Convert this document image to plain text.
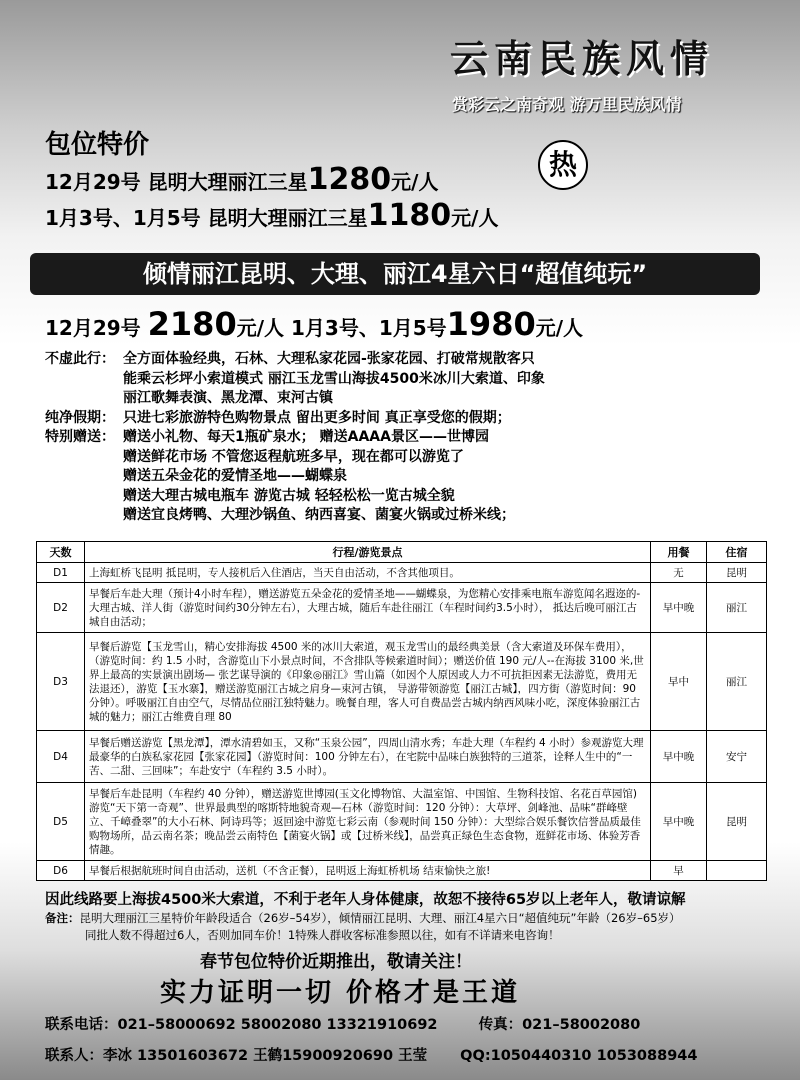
云南民族风情
赏彩云之南奇观 游万里民族风情
包位特价
12月29号 昆明大理丽江三星1280元/人
热
1月3号、1月5号 昆明大理丽江三星1180元/人
倾情丽江昆明、大理、丽江4星六日“超值纯玩”
12月29号 2180元/人 1月3号、1月5号1980元/人
不虚此行： 全方面体验经典，石林、大理私家花园-张家花园、打破常规散客只
能乘云杉坪小索道模式 丽江玉龙雪山海拔4500米冰川大索道、印象
丽江歌舞表演、黑龙潭、束河古镇
纯净假期： 只进七彩旅游特色购物景点 留出更多时间 真正享受您的假期；
特别赠送： 赠送小礼物、每天1瓶矿泉水； 赠送AAAA景区——世博园
赠送鲜花市场 不管您返程航班多早，现在都可以游览了
赠送五朵金花的爱情圣地——蝴蝶泉
赠送大理古城电瓶车 游览古城 轻轻松松一览古城全貌
赠送宜良烤鸭、大理沙锅鱼、纳西喜宴、菌宴火锅或过桥米线；
天数	行程/游览景点	用餐	住宿
D1	上海虹桥飞昆明 抵昆明，专人接机后入住酒店，当天自由活动，不含其他项目。	无	昆明
D2	早餐后车赴大理（预计4小时车程），赠送游览五朵金花的爱情圣地——蝴蝶泉，为您精心安排乘电瓶车游览闻名遐迩的-大理古城、洋人街（游览时间约30分钟左右），大理古城，随后车赴往丽江（车程时间约3.5小时）， 抵达后晚可丽江古城自由活动；	早中晚	丽江
D3	早餐后游览【玉龙雪山，精心安排海拔 4500 米的冰川大索道，观玉龙雪山的最经典美景（含大索道及环保车费用），（游览时间：约 1.5 小时，含游览山下小景点时间，不含排队等候索道时间）；赠送价值 190 元/人--在海拔 3100 米,世界上最高的实景演出剧场— 张艺谋导演的《印象◎丽江》雪山篇（如因个人原因或人力不可抗拒因素无法游览，费用无法退还），游览【玉水寨】，赠送游览丽江古城之肩身—束河古镇， 导游带领游览【丽江古城】，四方街（游览时间：90 分钟）。呼吸丽江自由空气，尽情品位丽江独特魅力。晚餐自理，客人可自费品尝古城内纳西风味小吃，深度体验丽江古城的魅力；丽江古维费自理 80	早中	丽江
D4	早餐后赠送游览【黑龙潭】，潭水清碧如玉，又称“玉泉公园”，四周山清水秀；车赴大理（车程约 4 小时）参观游览大理最豪华的白族私家花园【张家花园】（游览时间：100 分钟左右），在宅院中品味白族独特的三道茶，诠释人生中的“一苦、二甜、三回味”；车赴安宁（车程约 3.5 小时）。	早中晚	安宁
D5	早餐后车赴昆明（车程约 40 分钟），赠送游览世博园(玉文化博物馆、大温室馆、中国馆、生物科技馆、名花百草园馆)游览“天下第一奇观”、世界最典型的喀斯特地貌奇观—石林（游览时间：120 分钟）：大草坪、剑峰池、品味“群峰壁立、千嶂叠翠”的大小石林、阿诗玛等；返回途中游览七彩云南（参观时间 150 分钟）：大型综合娱乐餐饮信誉品质最佳购物场所，品云南名茶；晚品尝云南特色【菌宴火锅】或【过桥米线】，品尝真正绿色生态食物，逛鲜花市场、体验芳香情趣。	早中晚	昆明
D6	早餐后根据航班时间自由活动，送机（不含正餐），昆明返上海虹桥机场 结束愉快之旅!	早	
因此线路要上海拔4500米大索道，不利于老年人身体健康，故恕不接待65岁以上老年人，敬请谅解
备注：昆明大理丽江三星特价年龄段适合（26岁–54岁），倾情丽江昆明、大理、丽江4星六日“超值纯玩”年龄（26岁–65岁）
同批人数不得超过6人，否则加同车价！1特殊人群收客标准参照以往，如有不详请来电咨询！
春节包位特价近期推出，敬请关注！
实力证明一切 价格才是王道
联系电话：021–58000692 58002080 13321910692	传真：021–58002080
联系人：李冰 13501603672 王鹤15900920690 王莹 QQ:1050440310 1053088944
